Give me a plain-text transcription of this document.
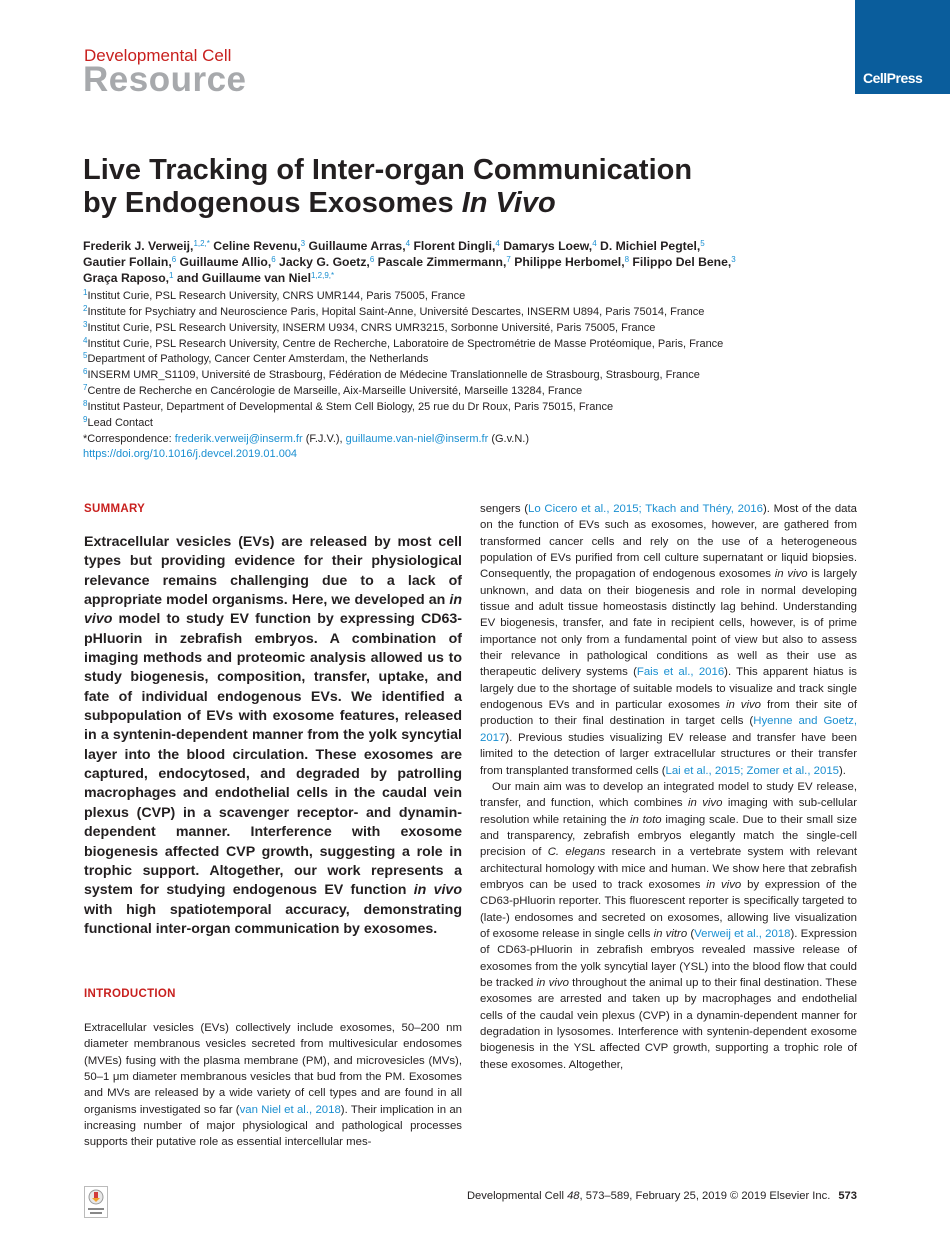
Developmental Cell
Resource	CellPress
Live Tracking of Inter-organ Communication
by Endogenous Exosomes In Vivo
Frederik J. Verweij,$^{1,2,*}$ Celine Revenu,$^3$ Guillaume Arras,$^4$ Florent Dingli,$^4$ Damarys Loew,$^4$ D. Michiel Pegtel,$^5$
Gautier Follain,$^6$ Guillaume Allio,$^6$ Jacky G. Goetz,$^6$ Pascale Zimmermann,$^7$ Philippe Herbomel,$^8$ Filippo Del Bene,$^3$
Graça Raposo,$^1$ and Guillaume van Niel$^{1,2,9,*}$
$^1$Institut Curie, PSL Research University, CNRS UMR144, Paris 75005, France
$^2$Institute for Psychiatry and Neuroscience Paris, Hopital Saint-Anne, Université Descartes, INSERM U894, Paris 75014, France
$^3$Institut Curie, PSL Research University, INSERM U934, CNRS UMR3215, Sorbonne Université, Paris 75005, France
$^4$Institut Curie, PSL Research University, Centre de Recherche, Laboratoire de Spectrométrie de Masse Protéomique, Paris, France
$^5$Department of Pathology, Cancer Center Amsterdam, the Netherlands
$^6$INSERM UMR_S1109, Université de Strasbourg, Fédération de Médecine Translationnelle de Strasbourg, Strasbourg, France
$^7$Centre de Recherche en Cancérologie de Marseille, Aix-Marseille Université, Marseille 13284, France
$^8$Institut Pasteur, Department of Developmental & Stem Cell Biology, 25 rue du Dr Roux, Paris 75015, France
$^9$Lead Contact
*Correspondence: frederik.verweij@inserm.fr (F.J.V.), guillaume.van-niel@inserm.fr (G.v.N.)
https://doi.org/10.1016/j.devcel.2019.01.004
SUMMARY

Extracellular vesicles (EVs) are released by most cell types but providing evidence for their physiological relevance remains challenging due to a lack of appropriate model organisms. Here, we developed an in vivo model to study EV function by expressing CD63-pHluorin in zebrafish embryos. A combination of imaging methods and proteomic analysis allowed us to study biogenesis, composition, transfer, uptake, and fate of individual endogenous EVs. We identified a subpopulation of EVs with exosome features, released in a syntenin-dependent manner from the yolk syncytial layer into the blood circulation. These exosomes are captured, endocytosed, and degraded by patrolling macrophages and endothelial cells in the caudal vein plexus (CVP) in a scavenger receptor- and dynamin-dependent manner. Interference with exosome biogenesis affected CVP growth, suggesting a role in trophic support. Altogether, our work represents a system for studying endogenous EV function in vivo with high spatiotemporal accuracy, demonstrating functional inter-organ communication by exosomes.

INTRODUCTION

Extracellular vesicles (EVs) collectively include exosomes, 50–200 nm diameter membranous vesicles secreted from multivesicular endosomes (MVEs) fusing with the plasma membrane (PM), and microvesicles (MVs), 50–1 μm diameter membranous vesicles that bud from the PM. Exosomes and MVs are released by a wide variety of cell types and are found in all organisms investigated so far (van Niel et al., 2018). Their implication in an increasing number of major physiological and pathological processes supports their putative role as essential intercellular mes-

sengers (Lo Cicero et al., 2015; Tkach and Théry, 2016). Most of the data on the function of EVs such as exosomes, however, are gathered from transformed cancer cells and rely on the use of a heterogeneous population of EVs purified from cell culture supernatant or liquid biopsies. Consequently, the propagation of endogenous exosomes in vivo is largely unknown, and data on their biogenesis and role in normal developing tissue and adult tissue homeostasis distinctly lag behind. Understanding EV biogenesis, transfer, and fate in recipient cells, however, is of prime importance not only from a fundamental point of view but also to assess their relevance in pathological conditions as well as their use as therapeutic delivery systems (Fais et al., 2016). This apparent hiatus is largely due to the shortage of suitable models to visualize and track single endogenous EVs and in particular exosomes in vivo from their site of production to their final destination in target cells (Hyenne and Goetz, 2017). Previous studies visualizing EV release and transfer have been limited to the detection of larger extracellular structures or their transfer from transplanted transformed cells (Lai et al., 2015; Zomer et al., 2015).

Our main aim was to develop an integrated model to study EV release, transfer, and function, which combines in vivo imaging with sub-cellular resolution while retaining the in toto imaging scale. Due to their small size and transparency, zebrafish embryos elegantly match the single-cell precision of C. elegans research in a vertebrate system with relevant architectural homology with mice and human. We show here that zebrafish embryos can be used to track exosomes in vivo by expression of the CD63-pHluorin reporter. This fluorescent reporter is specifically targeted to (late-) endosomes and secreted on exosomes, allowing live visualization of exosome release in single cells in vitro (Verweij et al., 2018). Expression of CD63-pHluorin in zebrafish embryos revealed massive release of exosomes from the yolk syncytial layer (YSL) into the blood flow that could be tracked in vivo throughout the animal up to their final destination. These exosomes are arrested and taken up by macrophages and endothelial cells of the caudal vein plexus (CVP) in a dynamin-dependent manner for degradation in lysosomes. Interference with syntenin-dependent exosome biogenesis in the YSL affected CVP growth, supporting a trophic role of these exosomes. Altogether,

Developmental Cell 48, 573–589, February 25, 2019 © 2019 Elsevier Inc. 573
